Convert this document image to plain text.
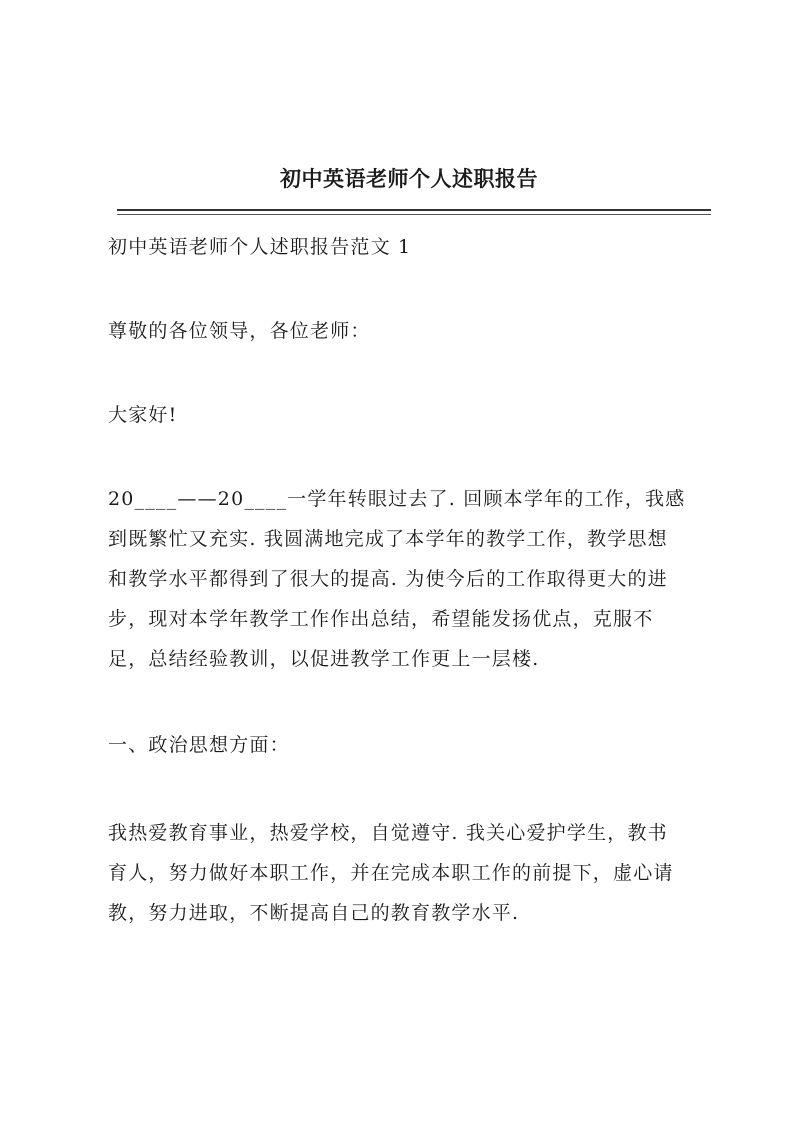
初中英语老师个人述职报告

初中英语老师个人述职报告范文 1

尊敬的各位领导，各位老师：

大家好!

20____——20____一学年转眼过去了. 回顾本学年的工作，我感
到既繁忙又充实. 我圆满地完成了本学年的教学工作，教学思想
和教学水平都得到了很大的提高. 为使今后的工作取得更大的进
步，现对本学年教学工作作出总结，希望能发扬优点，克服不
足，总结经验教训，以促进教学工作更上一层楼.

一、政治思想方面：

我热爱教育事业，热爱学校，自觉遵守. 我关心爱护学生，教书
育人，努力做好本职工作，并在完成本职工作的前提下，虚心请
教，努力进取，不断提高自己的教育教学水平.
